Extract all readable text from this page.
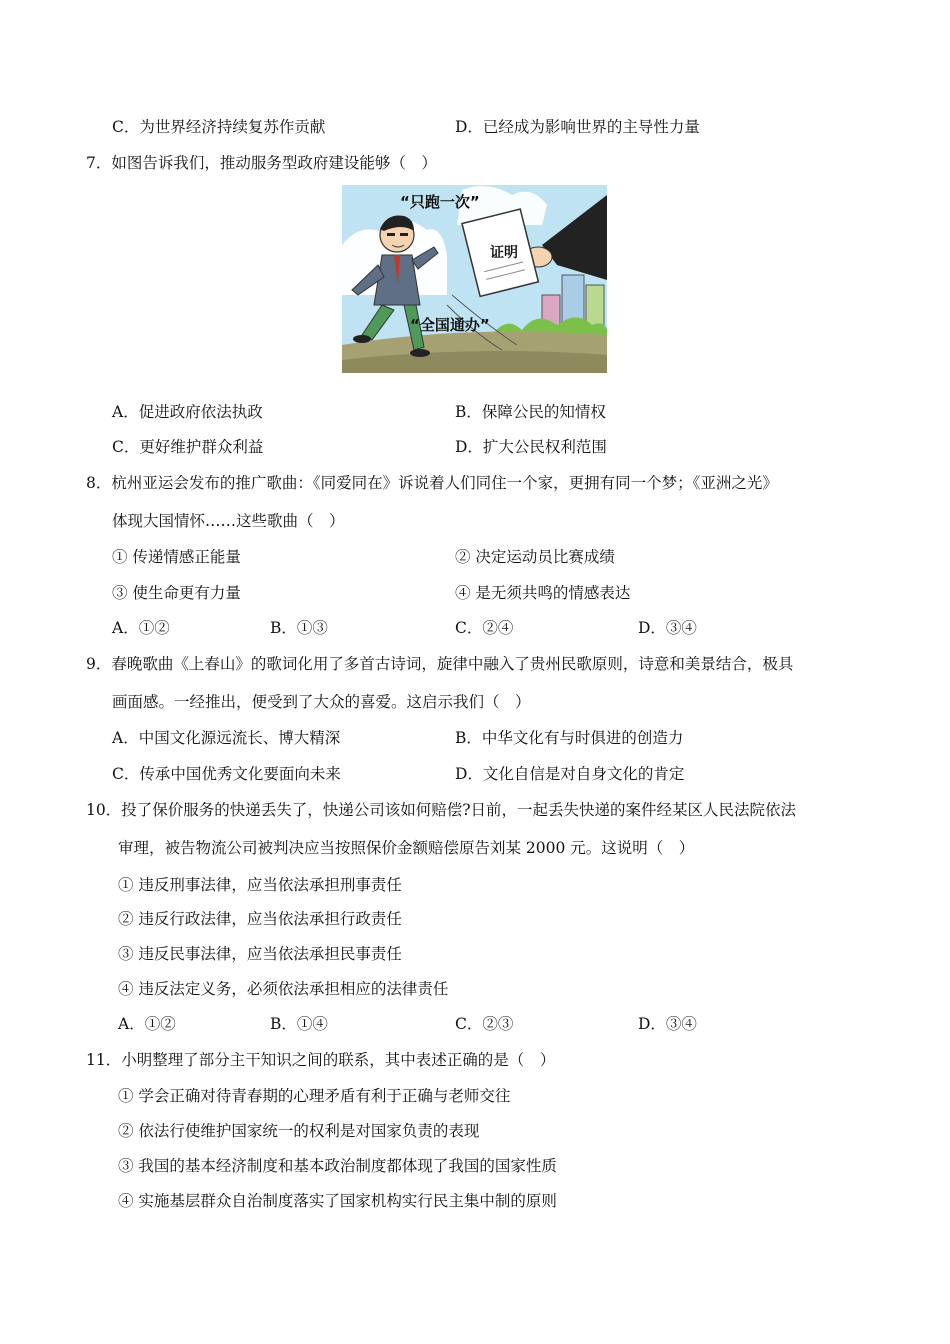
C．为世界经济持续复苏作贡献	D．已经成为影响世界的主导性力量
7．如图告诉我们，推动服务型政府建设能够（　）
证明
“只跑一次”
“全国通办”
A．促进政府依法执政	B．保障公民的知情权
C．更好维护群众利益	D．扩大公民权利范围
8．杭州亚运会发布的推广歌曲：《同爱同在》诉说着人们同住一个家，更拥有同一个梦；《亚洲之光》
体现大国情怀……这些歌曲（　）
① 传递情感正能量	② 决定运动员比赛成绩
③ 使生命更有力量	④ 是无须共鸣的情感表达
A．①②	B．①③	C．②④	D．③④
9．春晚歌曲《上春山》的歌词化用了多首古诗词，旋律中融入了贵州民歌原则，诗意和美景结合，极具
画面感。一经推出，便受到了大众的喜爱。这启示我们（　）
A．中国文化源远流长、博大精深	B．中华文化有与时俱进的创造力
C．传承中国优秀文化要面向未来	D．文化自信是对自身文化的肯定
10．投了保价服务的快递丢失了，快递公司该如何赔偿?日前，一起丢失快递的案件经某区人民法院依法
审理，被告物流公司被判决应当按照保价金额赔偿原告刘某 2000 元。这说明（　）
① 违反刑事法律，应当依法承担刑事责任
② 违反行政法律，应当依法承担行政责任
③ 违反民事法律，应当依法承担民事责任
④ 违反法定义务，必须依法承担相应的法律责任
A．①②	B．①④	C．②③	D．③④
11．小明整理了部分主干知识之间的联系，其中表述正确的是（　）
① 学会正确对待青春期的心理矛盾有利于正确与老师交往
② 依法行使维护国家统一的权利是对国家负责的表现
③ 我国的基本经济制度和基本政治制度都体现了我国的国家性质
④ 实施基层群众自治制度落实了国家机构实行民主集中制的原则
